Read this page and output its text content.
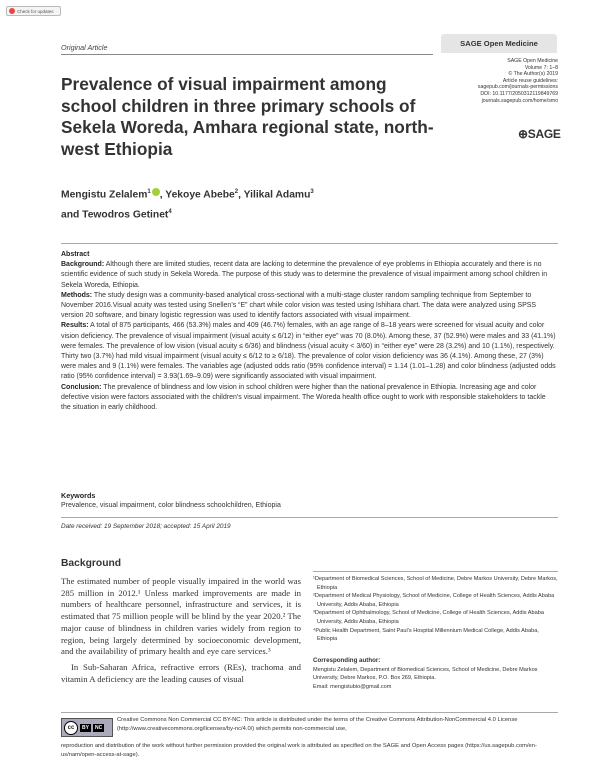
Check for updates
Original Article	SAGE Open Medicine
SAGE Open Medicine
Volume 7: 1–8
© The Author(s) 2019
Article reuse guidelines:
sagepub.com/journals-permissions
DOI: 10.1177/2050312119849769
journals.sagepub.com/home/smo
⊕SAGE
Prevalence of visual impairment among school children in three primary schools of Sekela Woreda, Amhara regional state, north-west Ethiopia
Mengistu Zelalem$^1$ , Yekoye Abebe$^2$, Yilikal Adamu$^3$
and Tewodros Getinet$^4$

Abstract

Background: Although there are limited studies, recent data are lacking to determine the prevalence of eye problems in Ethiopia accurately and there is no scientific evidence of such study in Sekela Woreda. The purpose of this study was to determine the prevalence of visual impairment among school children in Sekela Woreda, Ethiopia.

Methods: The study design was a community-based analytical cross-sectional with a multi-stage cluster random sampling technique from September to November 2016.Visual acuity was tested using Snellen’s “E” chart while color vision was tested using Ishihara chart. The data were analyzed using SPSS version 20 software, and binary logistic regression was used to identify factors associated with visual impairment.

Results: A total of 875 participants, 466 (53.3%) males and 409 (46.7%) females, with an age range of 8–18 years were screened for visual acuity and color vision deficiency. The prevalence of visual impairment (visual acuity ≤ 6/12) in “either eye” was 70 (8.0%). Among these, 37 (52.9%) were males and 33 (41.1%) were females. The prevalence of low vision (visual acuity ≤ 6/36) and blindness (visual acuity < 3/60) in “either eye” were 28 (3.2%) and 10 (1.1%), respectively. Thirty two (3.7%) had mild visual impairment (visual acuity ≤ 6/12 to ≥ 6/18). The prevalence of color vision deficiency was 36 (4.1%). Among these, 27 (3%) were males and 9 (1.1%) were females. The variables age (adjusted odds ratio (95% confidence interval) = 1.14 (1.01–1.28) and color blindness (adjusted odds ratio (95% confidence interval) = 3.93(1.69–9.09) were significantly associated with visual impairment.

Conclusion: The prevalence of blindness and low vision in school children were higher than the national prevalence in Ethiopia. Increasing age and color defective vision were factors associated with the children’s visual impairment. The Woreda health office ought to work with responsible stakeholders to tackle the situation in early childhood.

Keywords
Prevalence, visual impairment, color blindness schoolchildren, Ethiopia
Date received: 19 September 2018; accepted: 15 April 2019
Background

The estimated number of people visually impaired in the world was 285 million in 2012.¹ Unless marked improvements are made in numbers of healthcare personnel, infrastructure and services, it is estimated that 75 million people will be blind by the year 2020.² The major cause of blindness in children varies widely from region to region, being largely determined by socioeconomic development, and the availability of primary health and eye care services.³

In Sub-Saharan Africa, refractive errors (REs), trachoma and vitamin A deficiency are the leading causes of visual

¹Department of Biomedical Sciences, School of Medicine, Debre Markos University, Debre Markos, Ethiopia
²Department of Medical Physiology, School of Medicine, College of Health Sciences, Addis Ababa University, Addis Ababa, Ethiopia
³Department of Ophthalmology, School of Medicine, College of Health Sciences, Addis Ababa University, Addis Ababa, Ethiopia
⁴Public Health Department, Saint Paul’s Hospital Millennium Medical College, Addis Ababa, Ethiopia
Corresponding author:
Mengistu Zelalem, Department of Biomedical Sciences, School of Medicine, Debre Markos University, Debre Markos, P.O. Box 269, Ethiopia.
Email: mengistubio@gmail.com
cc	BY	NC
Creative Commons Non Commercial CC BY-NC: This article is distributed under the terms of the Creative Commons Attribution-NonCommercial 4.0 License (http://www.creativecommons.org/licenses/by-nc/4.0/) which permits non-commercial use,
reproduction and distribution of the work without further permission provided the original work is attributed as specified on the SAGE and Open Access pages (https://us.sagepub.com/en-us/nam/open-access-at-sage).
